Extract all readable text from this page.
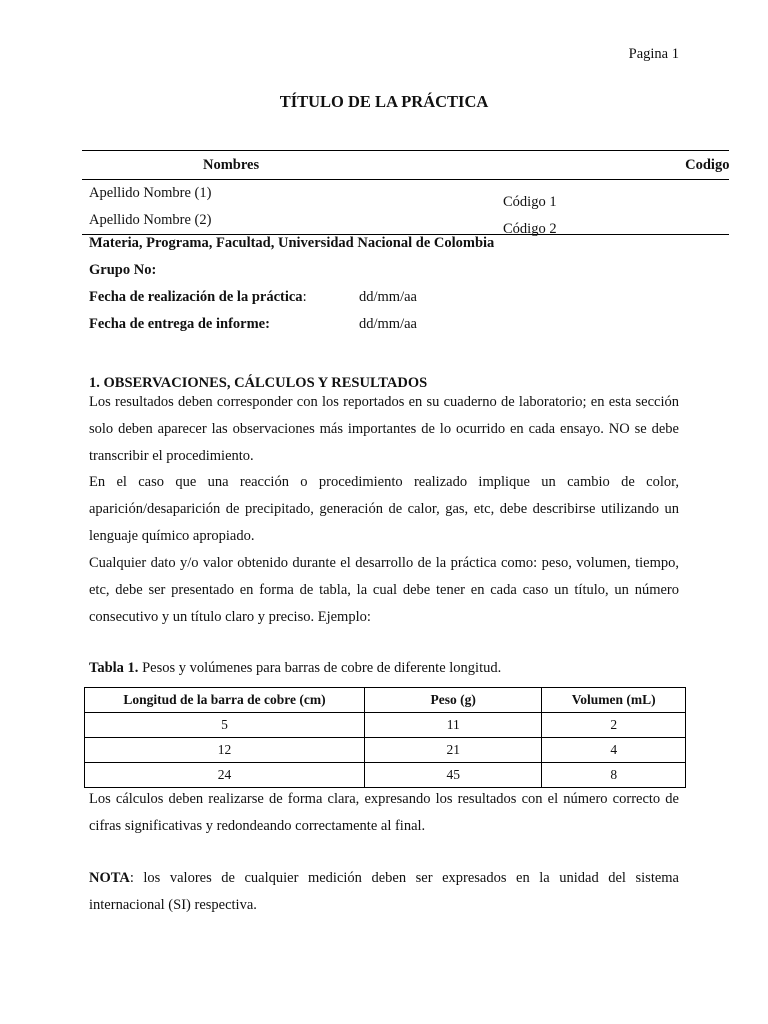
Pagina 1
TÍTULO DE LA PRÁCTICA
Nombres	Codigo
Apellido Nombre (1)	Código 1

Apellido Nombre (2)	Código 2
Materia, Programa, Facultad, Universidad Nacional de Colombia
Grupo No:
Fecha de realización de la práctica:	dd/mm/aa
Fecha de entrega de informe:	dd/mm/aa
1. OBSERVACIONES, CÁLCULOS Y RESULTADOS
Los resultados deben corresponder con los reportados en su cuaderno de laboratorio; en esta sección solo deben aparecer las observaciones más importantes de lo ocurrido en cada ensayo. NO se debe transcribir el procedimiento.
En el caso que una reacción o procedimiento realizado implique un cambio de color, aparición/desaparición de precipitado, generación de calor, gas, etc, debe describirse utilizando un lenguaje químico apropiado.
Cualquier dato y/o valor obtenido durante el desarrollo de la práctica como: peso, volumen, tiempo, etc, debe ser presentado en forma de tabla, la cual debe tener en cada caso un título, un número consecutivo y un título claro y preciso. Ejemplo:
Tabla 1. Pesos y volúmenes para barras de cobre de diferente longitud.
Longitud de la barra de cobre (cm)	Peso (g)	Volumen (mL)
5	11	2
12	21	4
24	45	8
Los cálculos deben realizarse de forma clara, expresando los resultados con el número correcto de cifras significativas y redondeando correctamente al final.
NOTA: los valores de cualquier medición deben ser expresados en la unidad del sistema internacional (SI) respectiva.
